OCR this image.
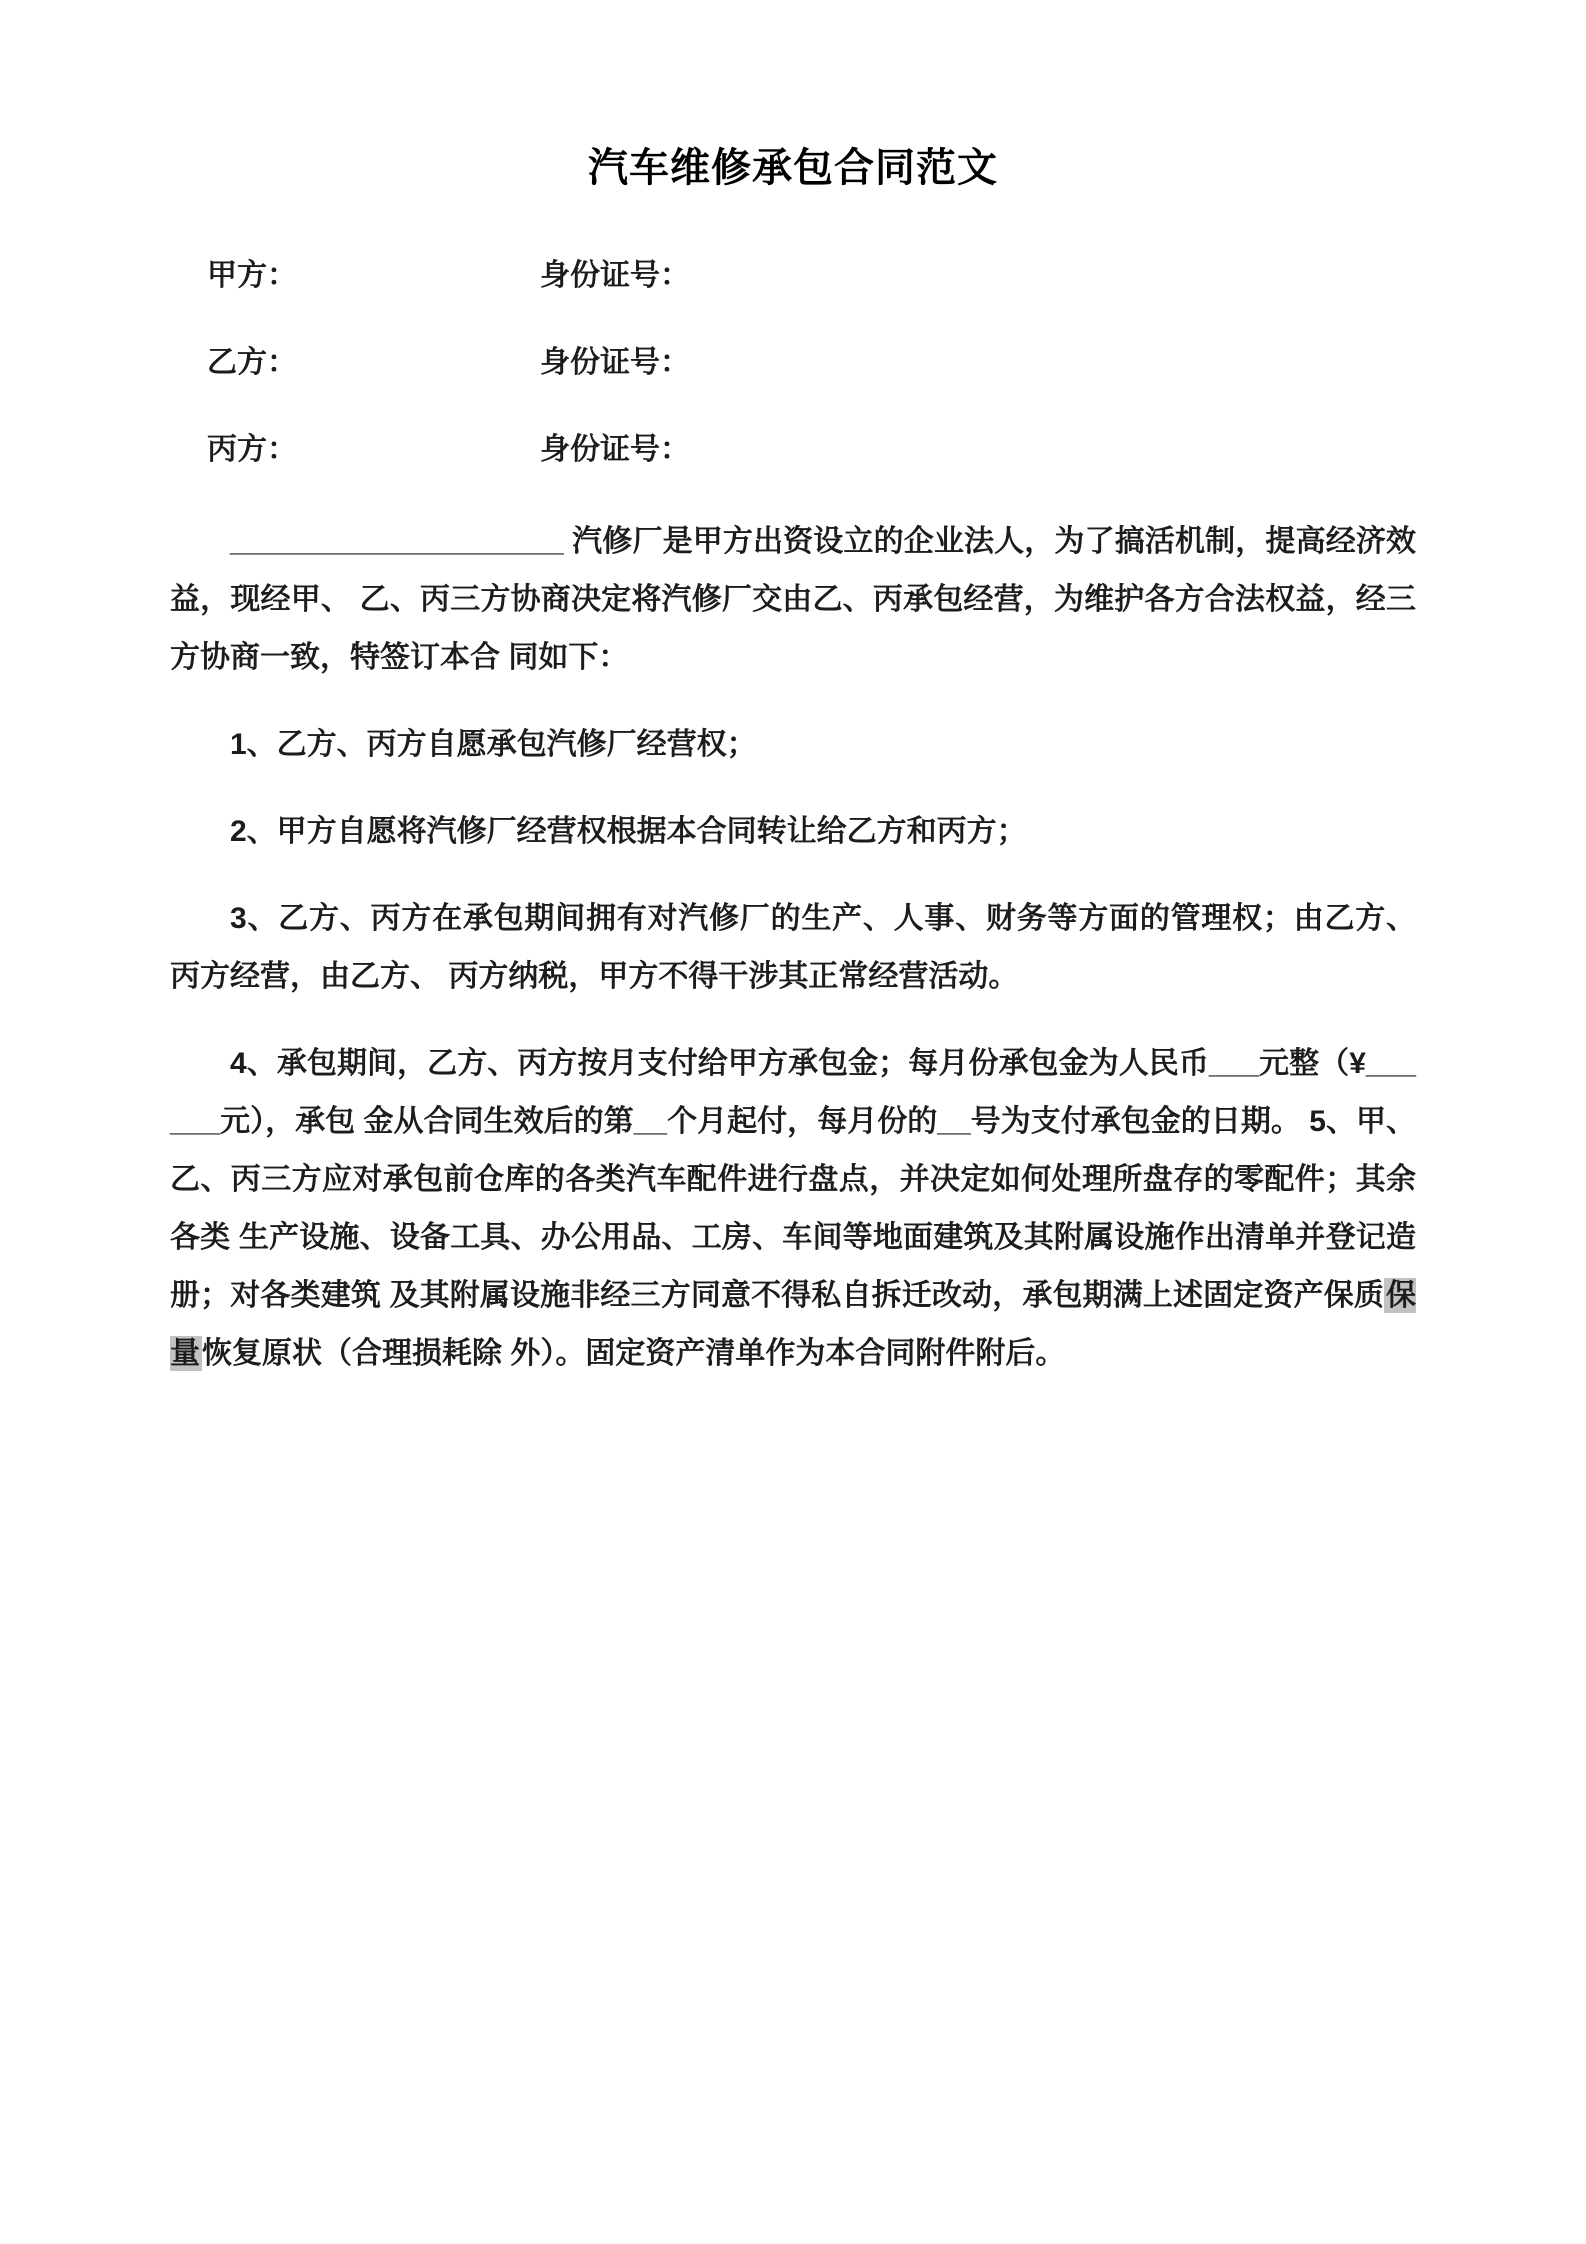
汽车维修承包合同范文
甲方：	身份证号：
乙方：	身份证号：
丙方：	身份证号：

____________________ 汽修厂是甲方出资设立的企业法人，为了搞活机制，提高经济效益，现经甲、 乙、丙三方协商决定将汽修厂交由乙、丙承包经营，为维护各方合法权益，经三方协商一致，特签订本合 同如下：

1、乙方、丙方自愿承包汽修厂经营权；

2、甲方自愿将汽修厂经营权根据本合同转让给乙方和丙方；

3、乙方、丙方在承包期间拥有对汽修厂的生产、人事、财务等方面的管理权；由乙方、丙方经营，由乙方、 丙方纳税，甲方不得干涉其正常经营活动。

4、承包期间，乙方、丙方按月支付给甲方承包金；每月份承包金为人民币___元整（¥______元），承包 金从合同生效后的第__个月起付，每月份的__号为支付承包金的日期。 5、甲、乙、丙三方应对承包前仓库的各类汽车配件进行盘点，并决定如何处理所盘存的零配件；其余各类 生产设施、设备工具、办公用品、工房、车间等地面建筑及其附属设施作出清单并登记造册；对各类建筑 及其附属设施非经三方同意不得私自拆迁改动，承包期满上述固定资产保质保量恢复原状（合理损耗除 外）。固定资产清单作为本合同附件附后。
